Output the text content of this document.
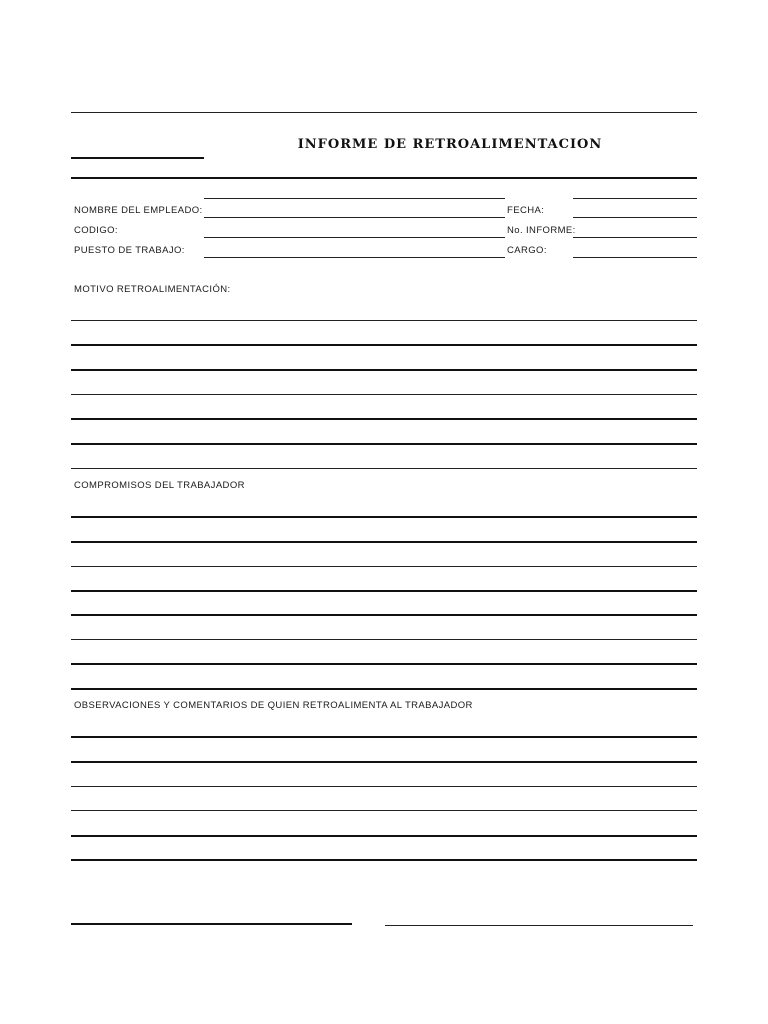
INFORME DE RETROALIMENTACION
NOMBRE DEL EMPLEADO:	FECHA:
CODIGO:	No. INFORME:
PUESTO DE TRABAJO:	CARGO:
MOTIVO RETROALIMENTACIÓN:
COMPROMISOS DEL TRABAJADOR
OBSERVACIONES Y COMENTARIOS DE QUIEN RETROALIMENTA AL TRABAJADOR
